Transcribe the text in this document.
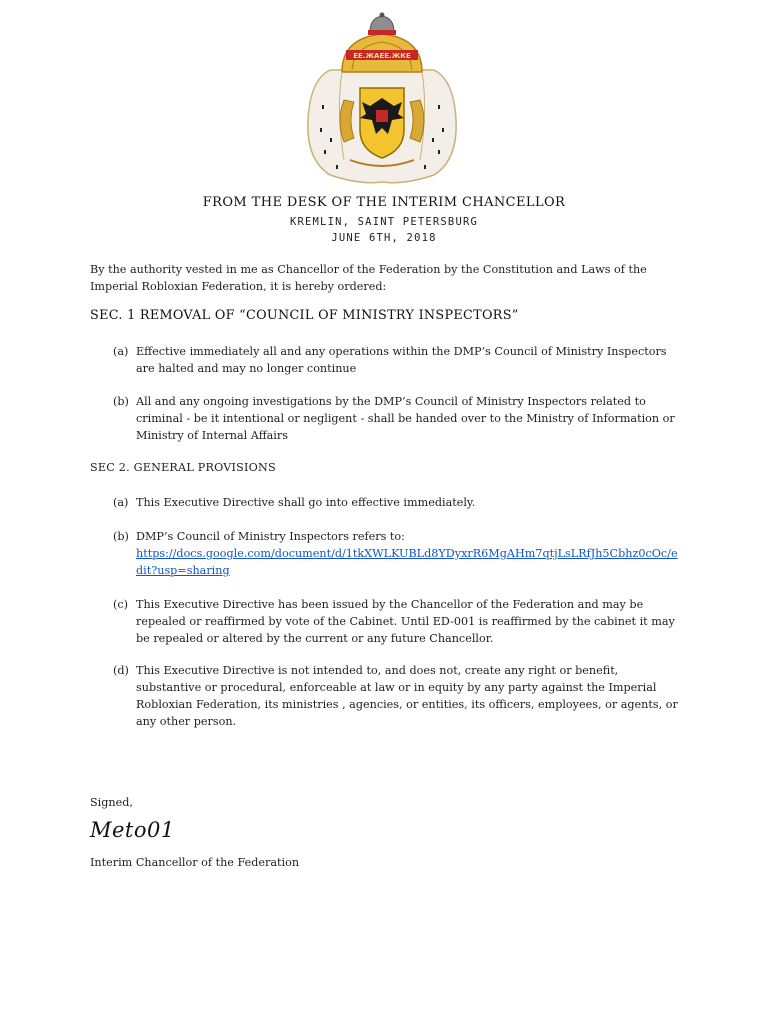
ЕЕ.ЖАЕЕ.ЖКЕ
FROM THE DESK OF THE INTERIM CHANCELLOR
KREMLIN, SAINT PETERSBURG
JUNE 6TH, 2018
By the authority vested in me as Chancellor of the Federation by the Constitution and Laws of the Imperial Robloxian Federation, it is hereby ordered:
SEC. 1 REMOVAL OF “COUNCIL OF MINISTRY INSPECTORS”
(a) Effective immediately all and any operations within the DMP’s Council of Ministry Inspectors are halted and may no longer continue
(b) All and any ongoing investigations by the DMP’s Council of Ministry Inspectors related to criminal - be it intentional or negligent - shall be handed over to the Ministry of Information or Ministry of Internal Affairs
SEC 2. GENERAL PROVISIONS
(a) This Executive Directive shall go into effective immediately.
(b) DMP’s Council of Ministry Inspectors refers to:
https://docs.google.com/document/d/1tkXWLKUBLd8YDyxrR6MgAHm7qtjLsLRfJh5Cbhz0cOc/edit?usp=sharing
(c) This Executive Directive has been issued by the Chancellor of the Federation and may be repealed or reaffirmed by vote of the Cabinet. Until ED-001 is reaffirmed by the cabinet it may be repealed or altered by the current or any future Chancellor.
(d) This Executive Directive is not intended to, and does not, create any right or benefit, substantive or procedural, enforceable at law or in equity by any party against the Imperial Robloxian Federation, its ministries , agencies, or entities, its officers, employees, or agents, or any other person.
Signed,
Meto01
Interim Chancellor of the Federation
